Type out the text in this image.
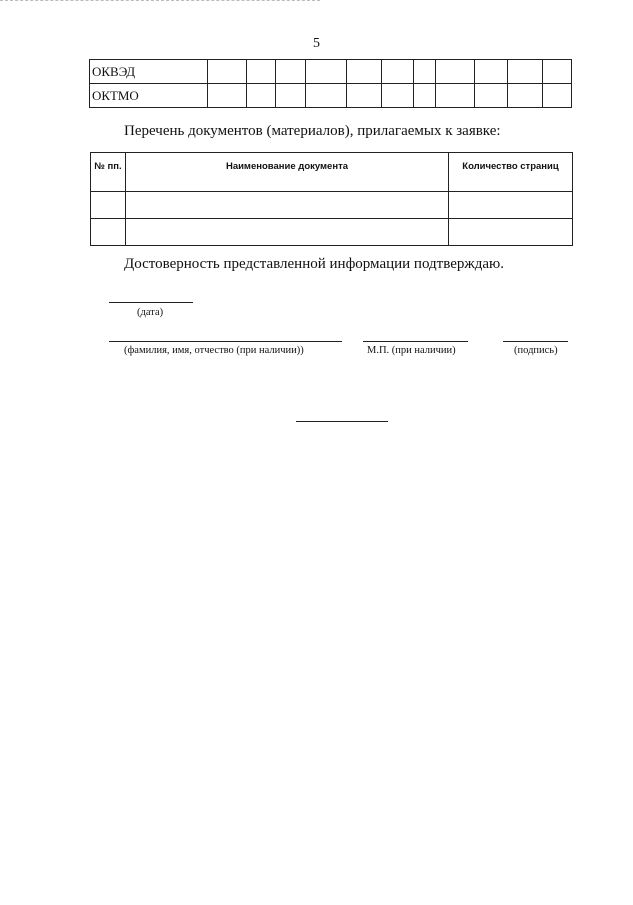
5
ОКВЭД											
ОКТМО											
Перечень документов (материалов), прилагаемых к заявке:
№ пп.	Наименование документа	Количество страниц

Достоверность представленной информации подтверждаю.
(дата)
(фамилия, имя, отчество (при наличии))	М.П. (при наличии)	(подпись)
